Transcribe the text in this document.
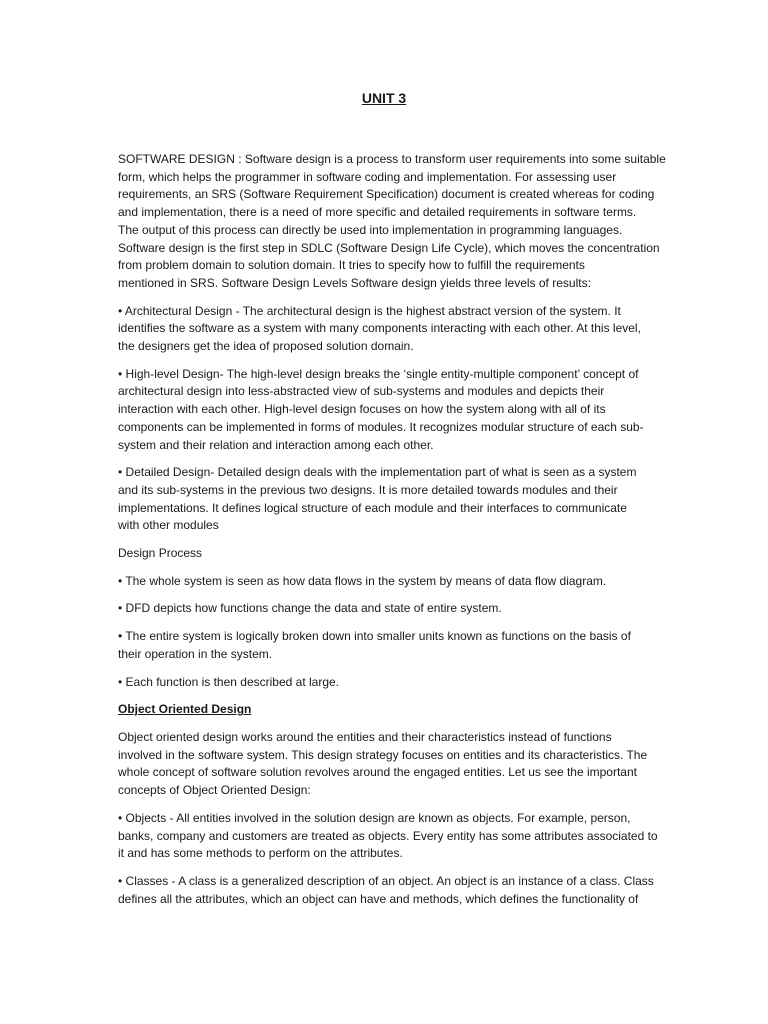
UNIT 3

SOFTWARE DESIGN : Software design is a process to transform user requirements into some suitable
form, which helps the programmer in software coding and implementation. For assessing user
requirements, an SRS (Software Requirement Specification) document is created whereas for coding
and implementation, there is a need of more specific and detailed requirements in software terms.
The output of this process can directly be used into implementation in programming languages.
Software design is the first step in SDLC (Software Design Life Cycle), which moves the concentration
from problem domain to solution domain. It tries to specify how to fulfill the requirements
mentioned in SRS. Software Design Levels Software design yields three levels of results:

• Architectural Design - The architectural design is the highest abstract version of the system. It
identifies the software as a system with many components interacting with each other. At this level,
the designers get the idea of proposed solution domain.

• High-level Design- The high-level design breaks the ‘single entity-multiple component’ concept of
architectural design into less-abstracted view of sub-systems and modules and depicts their
interaction with each other. High-level design focuses on how the system along with all of its
components can be implemented in forms of modules. It recognizes modular structure of each sub-
system and their relation and interaction among each other.

• Detailed Design- Detailed design deals with the implementation part of what is seen as a system
and its sub-systems in the previous two designs. It is more detailed towards modules and their
implementations. It defines logical structure of each module and their interfaces to communicate
with other modules

Design Process

• The whole system is seen as how data flows in the system by means of data flow diagram.

• DFD depicts how functions change the data and state of entire system.

• The entire system is logically broken down into smaller units known as functions on the basis of
their operation in the system.

• Each function is then described at large.

Object Oriented Design

Object oriented design works around the entities and their characteristics instead of functions
involved in the software system. This design strategy focuses on entities and its characteristics. The
whole concept of software solution revolves around the engaged entities. Let us see the important
concepts of Object Oriented Design:

• Objects - All entities involved in the solution design are known as objects. For example, person,
banks, company and customers are treated as objects. Every entity has some attributes associated to
it and has some methods to perform on the attributes.

• Classes - A class is a generalized description of an object. An object is an instance of a class. Class
defines all the attributes, which an object can have and methods, which defines the functionality of
